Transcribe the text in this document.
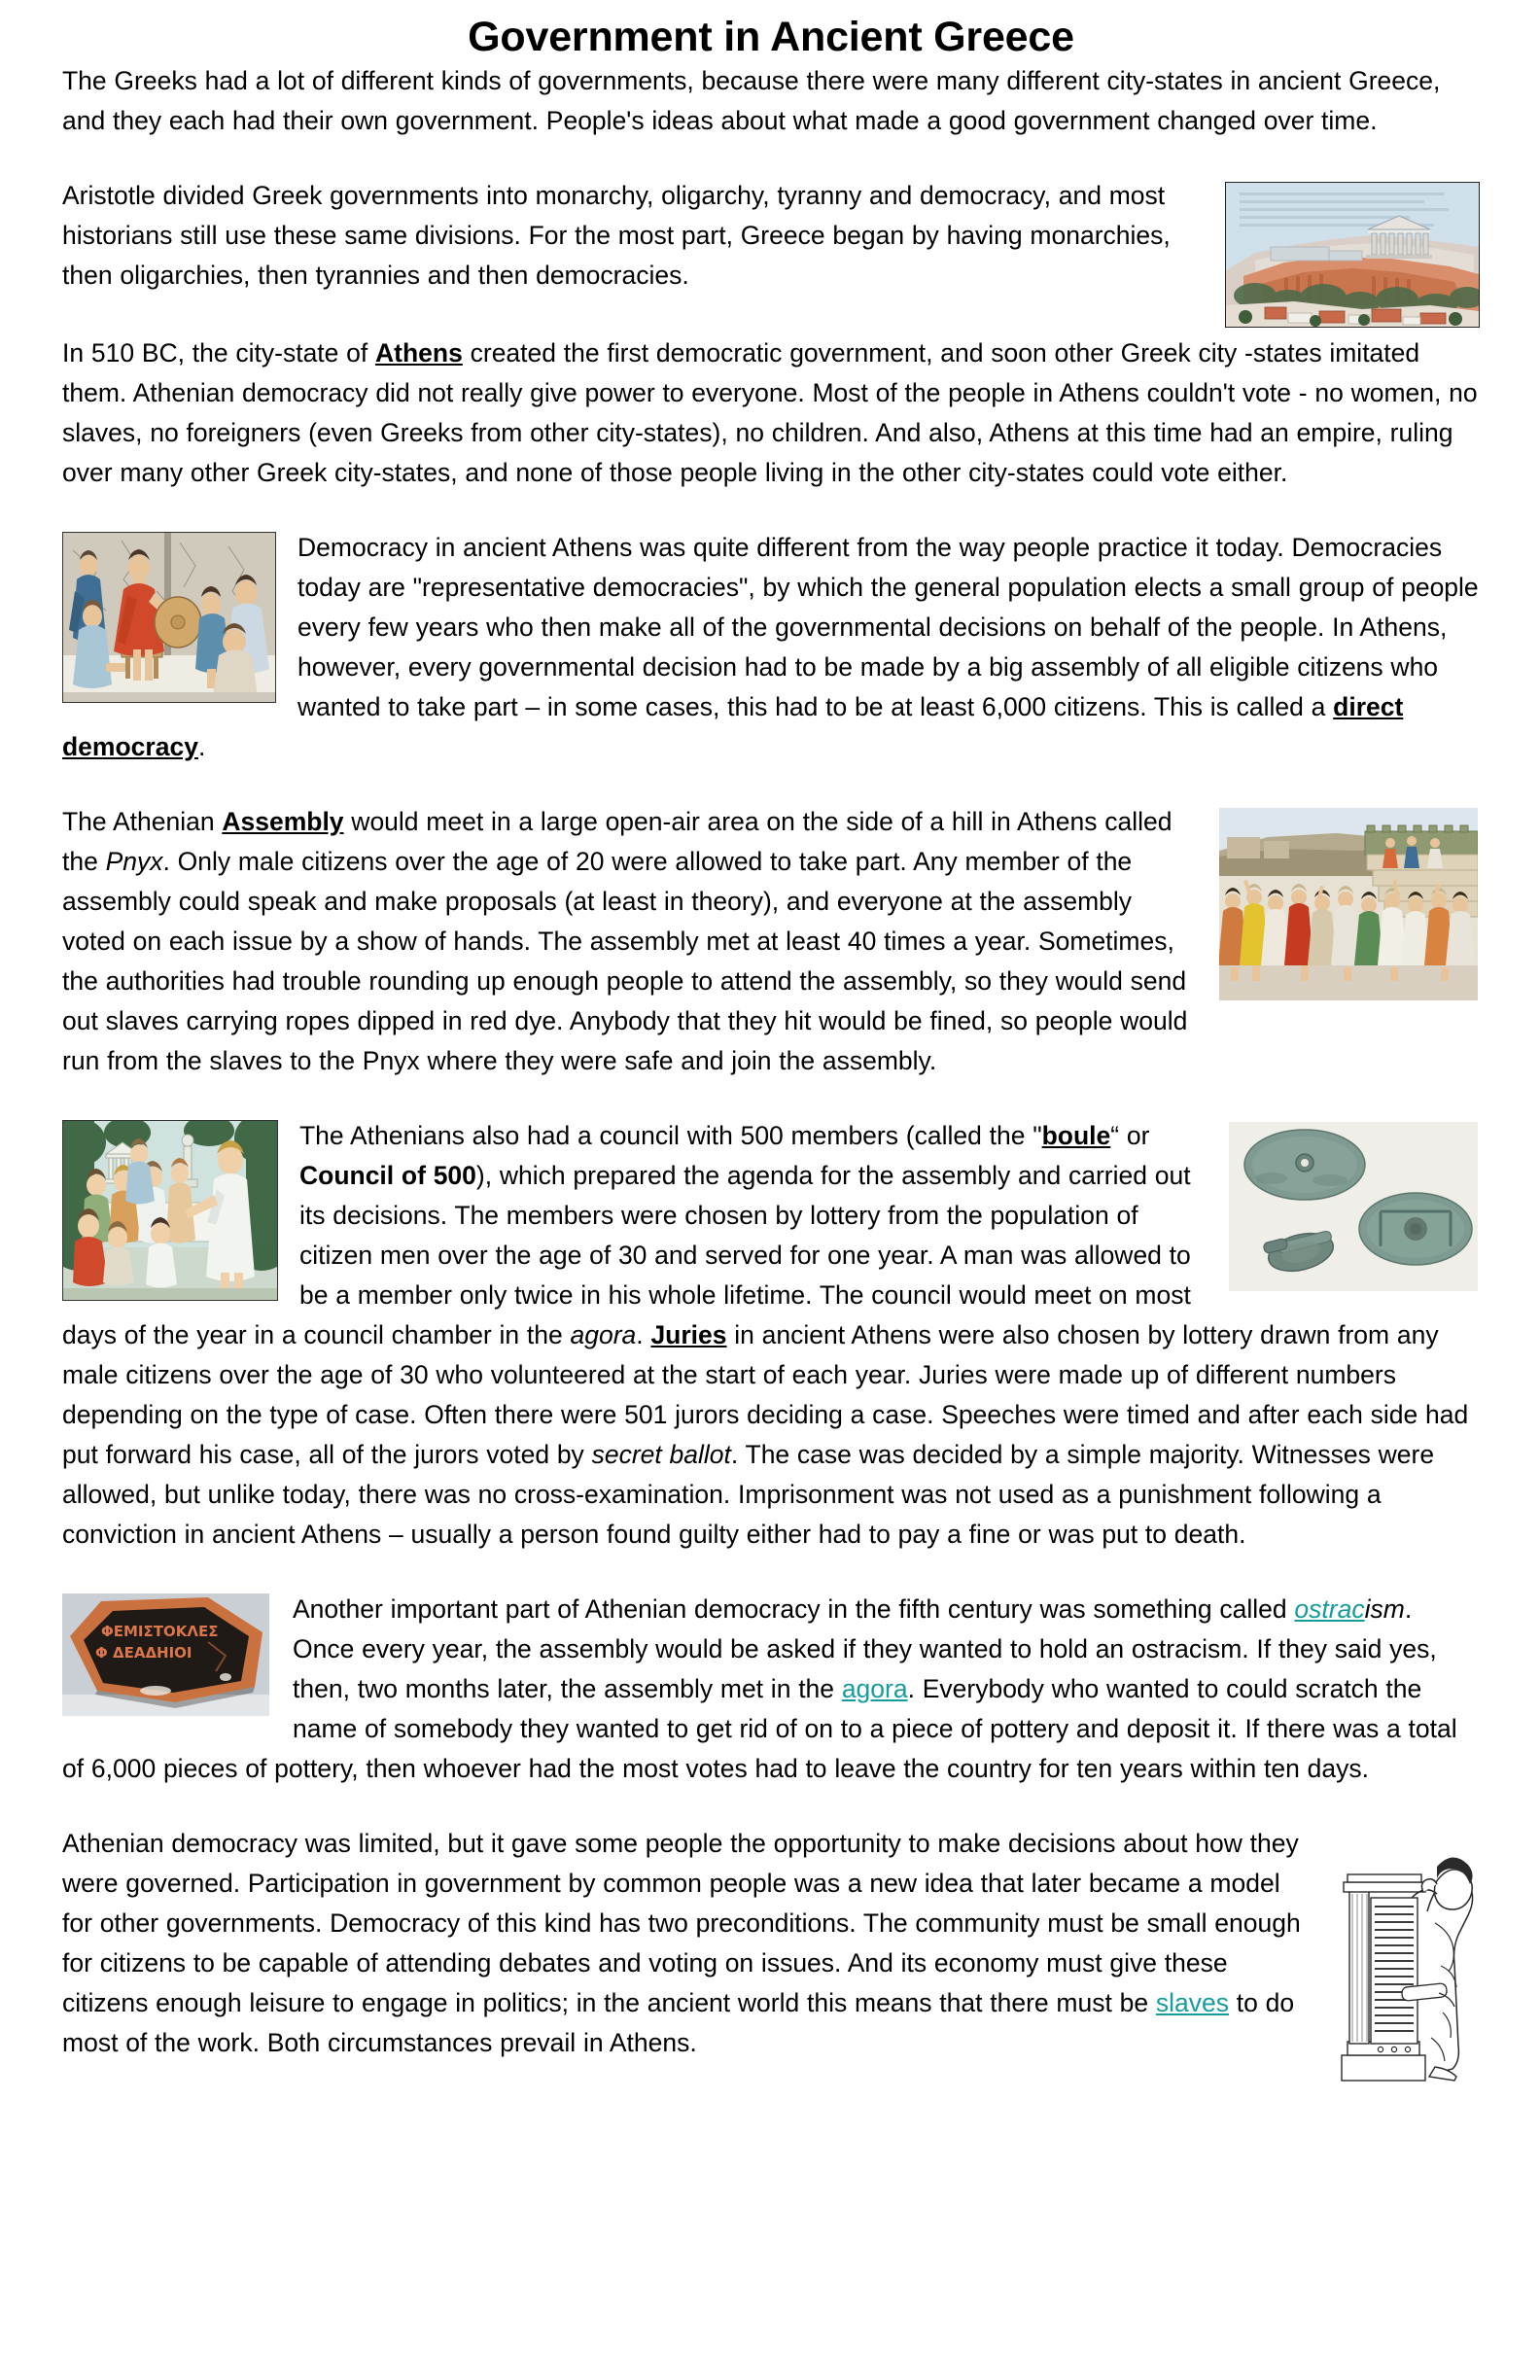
Government in Ancient Greece

The Greeks had a lot of different kinds of governments, because there were many different city-states in ancient Greece, and they each had their own government. People's ideas about what made a good government changed over time.

Aristotle divided Greek governments into monarchy, oligarchy, tyranny and democracy, and most historians still use these same divisions. For the most part, Greece began by having monarchies, then oligarchies, then tyrannies and then democracies.

In 510 BC, the city-state of Athens created the first democratic government, and soon other Greek city -states imitated them. Athenian democracy did not really give power to everyone. Most of the people in Athens couldn't vote - no women, no slaves, no foreigners (even Greeks from other city-states), no children. And also, Athens at this time had an empire, ruling over many other Greek city-states, and none of those people living in the other city-states could vote either.

Democracy in ancient Athens was quite different from the way people practice it today. Democracies today are "representative democracies", by which the general population elects a small group of people every few years who then make all of the governmental decisions on behalf of the people. In Athens, however, every governmental decision had to be made by a big assembly of all eligible citizens who wanted to take part – in some cases, this had to be at least 6,000 citizens. This is called a direct democracy.

The Athenian Assembly would meet in a large open-air area on the side of a hill in Athens called the Pnyx. Only male citizens over the age of 20 were allowed to take part. Any member of the assembly could speak and make proposals (at least in theory), and everyone at the assembly voted on each issue by a show of hands. The assembly met at least 40 times a year. Sometimes, the authorities had trouble rounding up enough people to attend the assembly, so they would send out slaves carrying ropes dipped in red dye. Anybody that they hit would be fined, so people would run from the slaves to the Pnyx where they were safe and join the assembly.

The Athenians also had a council with 500 members (called the "boule“ or Council of 500), which prepared the agenda for the assembly and carried out its decisions. The members were chosen by lottery from the population of citizen men over the age of 30 and served for one year. A man was allowed to be a member only twice in his whole lifetime. The council would meet on most days of the year in a council chamber in the agora. Juries in ancient Athens were also chosen by lottery drawn from any male citizens over the age of 30 who volunteered at the start of each year. Juries were made up of different numbers depending on the type of case. Often there were 501 jurors deciding a case. Speeches were timed and after each side had put forward his case, all of the jurors voted by secret ballot. The case was decided by a simple majority. Witnesses were allowed, but unlike today, there was no cross-examination. Imprisonment was not used as a punishment following a conviction in ancient Athens – usually a person found guilty either had to pay a fine or was put to death.

ΦΕΜΙΣΤΟΚΛΕΣ
Φ ΔΕΑΔΗΙΟΙ

Another important part of Athenian democracy in the fifth century was something called ostracism. Once every year, the assembly would be asked if they wanted to hold an ostracism. If they said yes, then, two months later, the assembly met in the agora. Everybody who wanted to could scratch the name of somebody they wanted to get rid of on to a piece of pottery and deposit it. If there was a total of 6,000 pieces of pottery, then whoever had the most votes had to leave the country for ten years within ten days.

Athenian democracy was limited, but it gave some people the opportunity to make decisions about how they were governed. Participation in government by common people was a new idea that later became a model for other governments. Democracy of this kind has two preconditions. The community must be small enough for citizens to be capable of attending debates and voting on issues. And its economy must give these citizens enough leisure to engage in politics; in the ancient world this means that there must be slaves to do most of the work. Both circumstances prevail in Athens.
